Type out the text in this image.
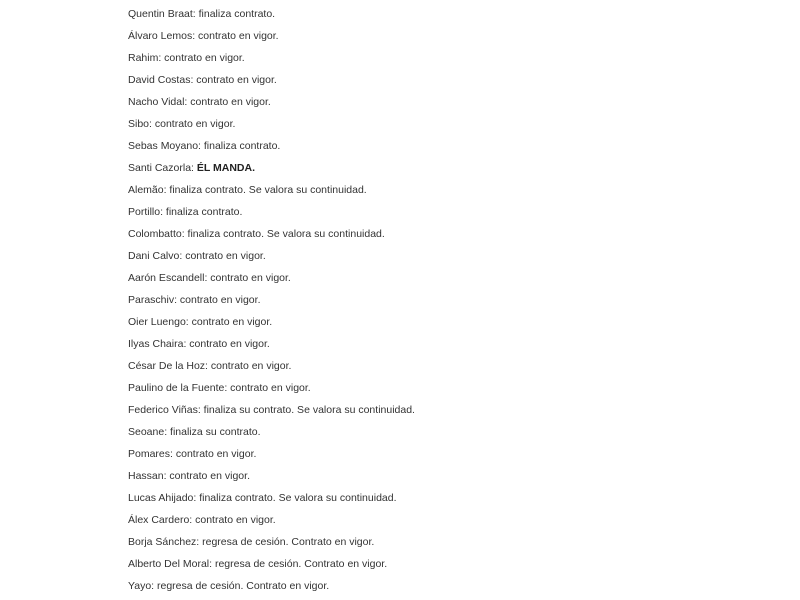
Quentin Braat: finaliza contrato.
Álvaro Lemos: contrato en vigor.
Rahim: contrato en vigor.
David Costas: contrato en vigor.
Nacho Vidal: contrato en vigor.
Sibo: contrato en vigor.
Sebas Moyano: finaliza contrato.
Santi Cazorla: ÉL MANDA.
Alemão: finaliza contrato. Se valora su continuidad.
Portillo: finaliza contrato.
Colombatto: finaliza contrato. Se valora su continuidad.
Dani Calvo: contrato en vigor.
Aarón Escandell: contrato en vigor.
Paraschiv: contrato en vigor.
Oier Luengo: contrato en vigor.
Ilyas Chaira: contrato en vigor.
César De la Hoz: contrato en vigor.
Paulino de la Fuente: contrato en vigor.
Federico Viñas: finaliza su contrato. Se valora su continuidad.
Seoane: finaliza su contrato.
Pomares: contrato en vigor.
Hassan: contrato en vigor.
Lucas Ahijado: finaliza contrato. Se valora su continuidad.
Álex Cardero: contrato en vigor.
Borja Sánchez: regresa de cesión. Contrato en vigor.
Alberto Del Moral: regresa de cesión. Contrato en vigor.
Yayo: regresa de cesión. Contrato en vigor.
